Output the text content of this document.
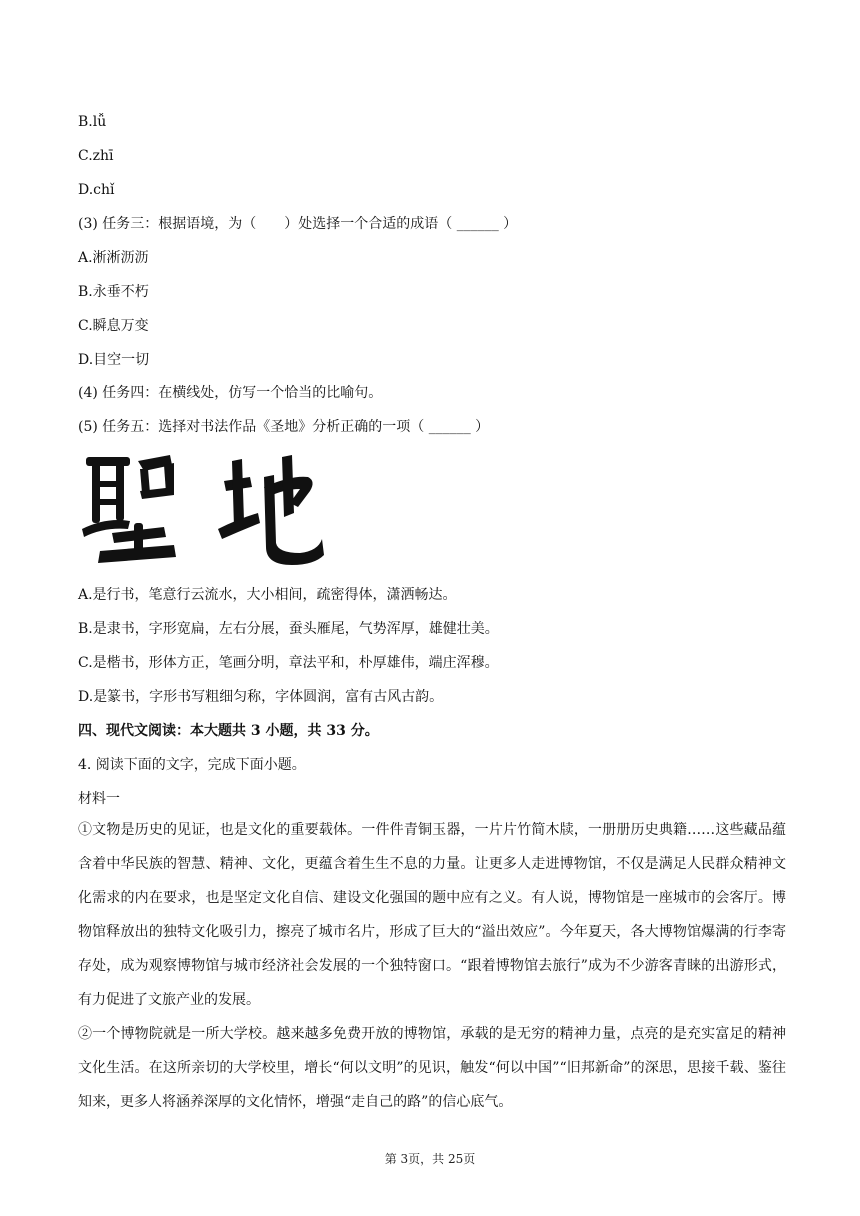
B.lǚ
C.zhī
D.chǐ
(3) 任务三：根据语境，为（　　）处选择一个合适的成语（ ______ ）
A.淅淅沥沥
B.永垂不朽
C.瞬息万变
D.目空一切
(4) 任务四：在横线处，仿写一个恰当的比喻句。
(5) 任务五：选择对书法作品《圣地》分析正确的一项（ ______ ）
A.是行书，笔意行云流水，大小相间，疏密得体，潇洒畅达。
B.是隶书，字形宽扁，左右分展，蚕头雁尾，气势浑厚，雄健壮美。
C.是楷书，形体方正，笔画分明，章法平和，朴厚雄伟，端庄浑穆。
D.是篆书，字形书写粗细匀称，字体圆润，富有古风古韵。
四、现代文阅读：本大题共 3 小题，共 33 分。
4. 阅读下面的文字，完成下面小题。
材料一
①文物是历史的见证，也是文化的重要载体。一件件青铜玉器，一片片竹简木牍，一册册历史典籍……这些藏品蕴含着中华民族的智慧、精神、文化，更蕴含着生生不息的力量。让更多人走进博物馆，不仅是满足人民群众精神文化需求的内在要求，也是坚定文化自信、建设文化强国的题中应有之义。有人说，博物馆是一座城市的会客厅。博物馆释放出的独特文化吸引力，擦亮了城市名片，形成了巨大的“溢出效应”。今年夏天，各大博物馆爆满的行李寄存处，成为观察博物馆与城市经济社会发展的一个独特窗口。“跟着博物馆去旅行”成为不少游客青睐的出游形式，有力促进了文旅产业的发展。
②一个博物院就是一所大学校。越来越多免费开放的博物馆，承载的是无穷的精神力量，点亮的是充实富足的精神文化生活。在这所亲切的大学校里，增长“何以文明”的见识，触发“何以中国”“旧邦新命”的深思，思接千载、鉴往知来，更多人将涵养深厚的文化情怀，增强“走自己的路”的信心底气。
第 3页，共 25页
